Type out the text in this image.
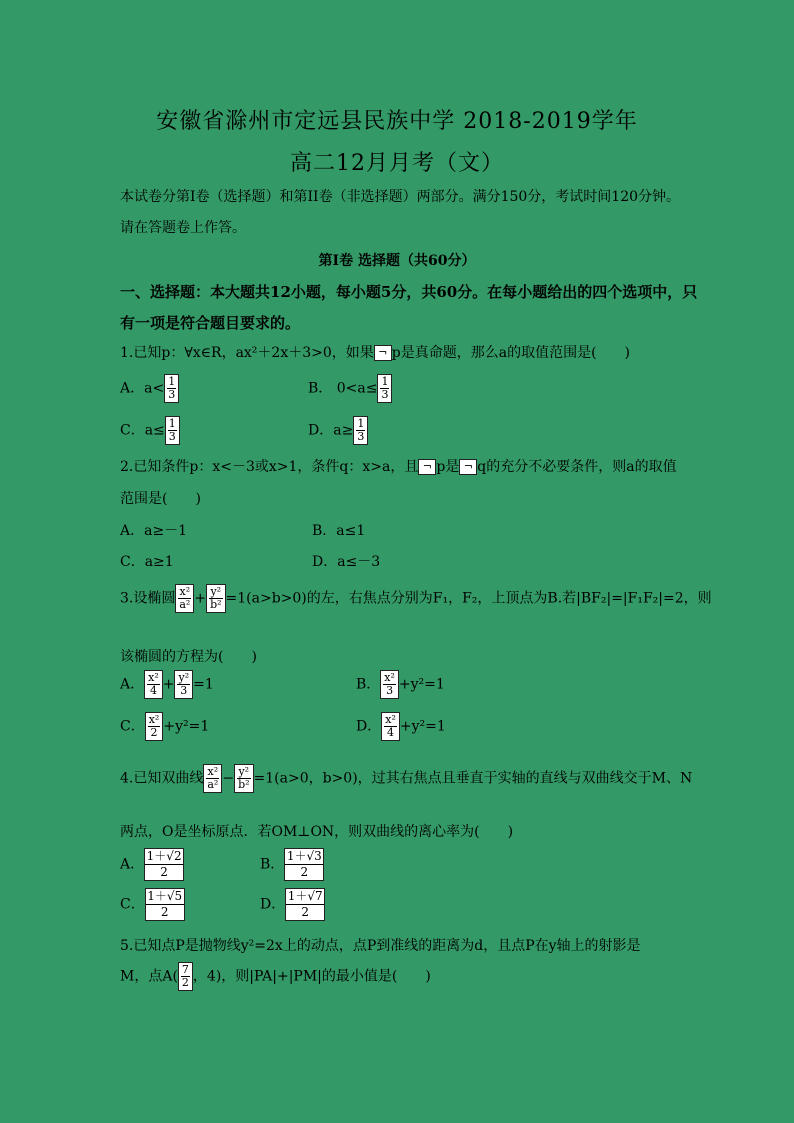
安徽省滁州市定远县民族中学 2018-2019学年
高二12月月考（文）
本试卷分第I卷（选择题）和第II卷（非选择题）两部分。满分150分，考试时间120分钟。
请在答题卷上作答。
第I卷 选择题（共60分）
一、选择题：本大题共12小题，每小题5分，共60分。在每小题给出的四个选项中，只
有一项是符合题目要求的。
1.已知p：∀x∈R，ax²＋2x＋3>0，如果 ¬ p是真命题，那么a的取值范围是(　　)
A．$a< \frac{1}{3}$	B． $0<a\le \frac{1}{3}$
C．$a\le \frac{1}{3}$	D．$a\ge \frac{1}{3}$
2.已知条件p：x<－3或x>1，条件q：x>a，且 ¬ p是 ¬ q的充分不必要条件，则a的取值
范围是(　　)
A．a≥－1	B．a≤1
C．a≥1	D．a≤－3
3.设椭圆 $\frac{\text{x²}}{\text{a²}} + \frac{\text{y²}}{\text{b²}} =1(a>b>0)$的左，右焦点分别为F₁，F₂，上顶点为B.若|BF₂|=|F₁F₂|=2，则
该椭圆的方程为(　　)
A． $\frac{\text{x²}}{4} + \frac{\text{y²}}{3} =1$	B． $\frac{\text{x²}}{3} +y^2=1$
C． $\frac{\text{x²}}{2} +y^2=1$	D． $\frac{\text{x²}}{4} +y^2=1$
4.已知双曲线 $\frac{\text{x²}}{\text{a²}} - \frac{\text{y²}}{\text{b²}} =1(a>0$，b>0)，过其右焦点且垂直于实轴的直线与双曲线交于M、N
两点，O是坐标原点．若OM⊥ON，则双曲线的离心率为(　　)
A． $\frac{1+√2}{2}$	B． $\frac{1+√3}{2}$
C． $\frac{1+√5}{2}$	D． $\frac{1+√7}{2}$
5.已知点P是抛物线y²=2x上的动点，点P到准线的距离为d，且点P在y轴上的射影是
M，点$A( \frac{7}{2}$ ，4)，则|PA|+|PM|的最小值是(　　)
